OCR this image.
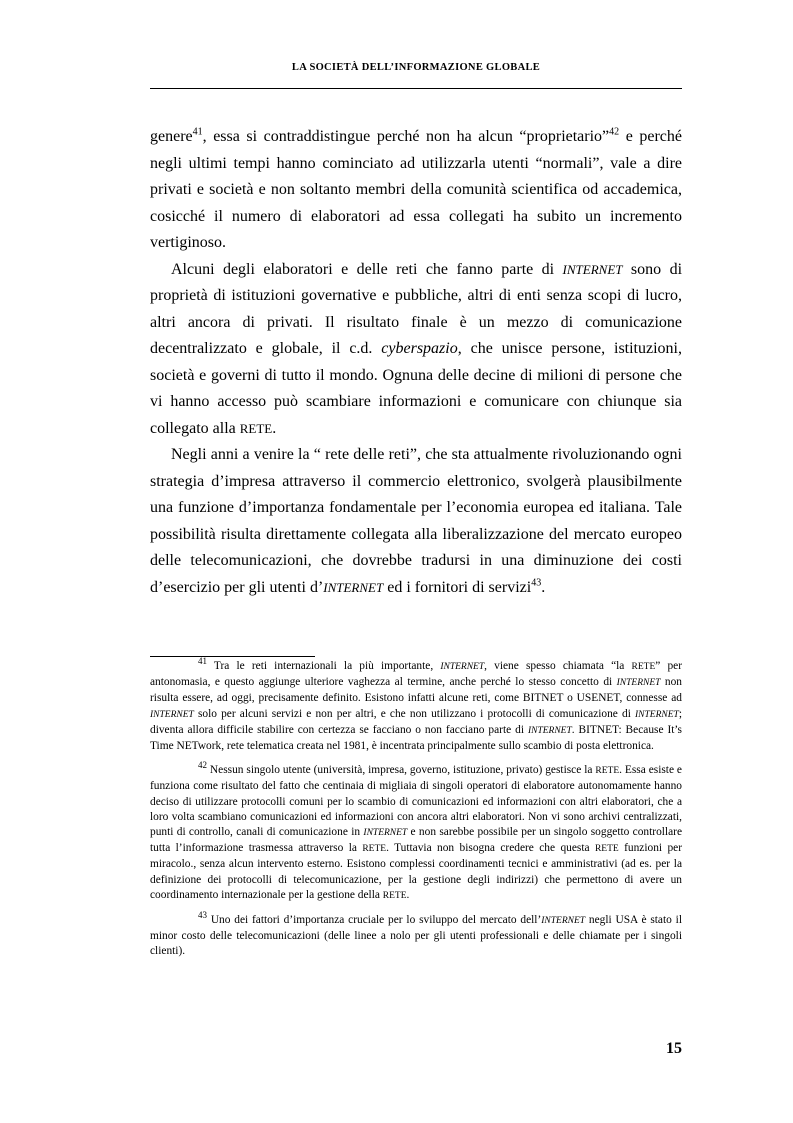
LA SOCIETÀ DELL’INFORMAZIONE GLOBALE

genere$^{41}$, essa si contraddistingue perché non ha alcun “proprietario”$^{42}$ e perché negli ultimi tempi hanno cominciato ad utilizzarla utenti “normali”, vale a dire privati e società e non soltanto membri della comunità scientifica od accademica, cosicché il numero di elaboratori ad essa collegati ha subito un incremento vertiginoso.

Alcuni degli elaboratori e delle reti che fanno parte di INTERNET sono di proprietà di istituzioni governative e pubbliche, altri di enti senza scopi di lucro, altri ancora di privati. Il risultato finale è un mezzo di comunicazione decentralizzato e globale, il c.d. cyberspazio, che unisce persone, istituzioni, società e governi di tutto il mondo. Ognuna delle decine di milioni di persone che vi hanno accesso può scambiare informazioni e comunicare con chiunque sia collegato alla RETE.

Negli anni a venire la “ rete delle reti”, che sta attualmente rivoluzionando ogni strategia d’impresa attraverso il commercio elettronico, svolgerà plausibilmente una funzione d’importanza fondamentale per l’economia europea ed italiana. Tale possibilità risulta direttamente collegata alla liberalizzazione del mercato europeo delle telecomunicazioni, che dovrebbe tradursi in una diminuzione dei costi d’esercizio per gli utenti d’INTERNET ed i fornitori di servizi$^{43}$.

$^{41}$ Tra le reti internazionali la più importante, INTERNET, viene spesso chiamata “la RETE” per antonomasia, e questo aggiunge ulteriore vaghezza al termine, anche perché lo stesso concetto di INTERNET non risulta essere, ad oggi, precisamente definito. Esistono infatti alcune reti, come BITNET o USENET, connesse ad INTERNET solo per alcuni servizi e non per altri, e che non utilizzano i protocolli di comunicazione di INTERNET; diventa allora difficile stabilire con certezza se facciano o non facciano parte di INTERNET. BITNET: Because It’s Time NETwork, rete telematica creata nel 1981, è incentrata principalmente sullo scambio di posta elettronica.

$^{42}$ Nessun singolo utente (università, impresa, governo, istituzione, privato) gestisce la RETE. Essa esiste e funziona come risultato del fatto che centinaia di migliaia di singoli operatori di elaboratore autonomamente hanno deciso di utilizzare protocolli comuni per lo scambio di comunicazioni ed informazioni con altri elaboratori, che a loro volta scambiano comunicazioni ed informazioni con ancora altri elaboratori. Non vi sono archivi centralizzati, punti di controllo, canali di comunicazione in INTERNET e non sarebbe possibile per un singolo soggetto controllare tutta l’informazione trasmessa attraverso la RETE. Tuttavia non bisogna credere che questa RETE funzioni per miracolo., senza alcun intervento esterno. Esistono complessi coordinamenti tecnici e amministrativi (ad es. per la definizione dei protocolli di telecomunicazione, per la gestione degli indirizzi) che permettono di avere un coordinamento internazionale per la gestione della RETE.

$^{43}$ Uno dei fattori d’importanza cruciale per lo sviluppo del mercato dell’INTERNET negli USA è stato il minor costo delle telecomunicazioni (delle linee a nolo per gli utenti professionali e delle chiamate per i singoli clienti).

15
